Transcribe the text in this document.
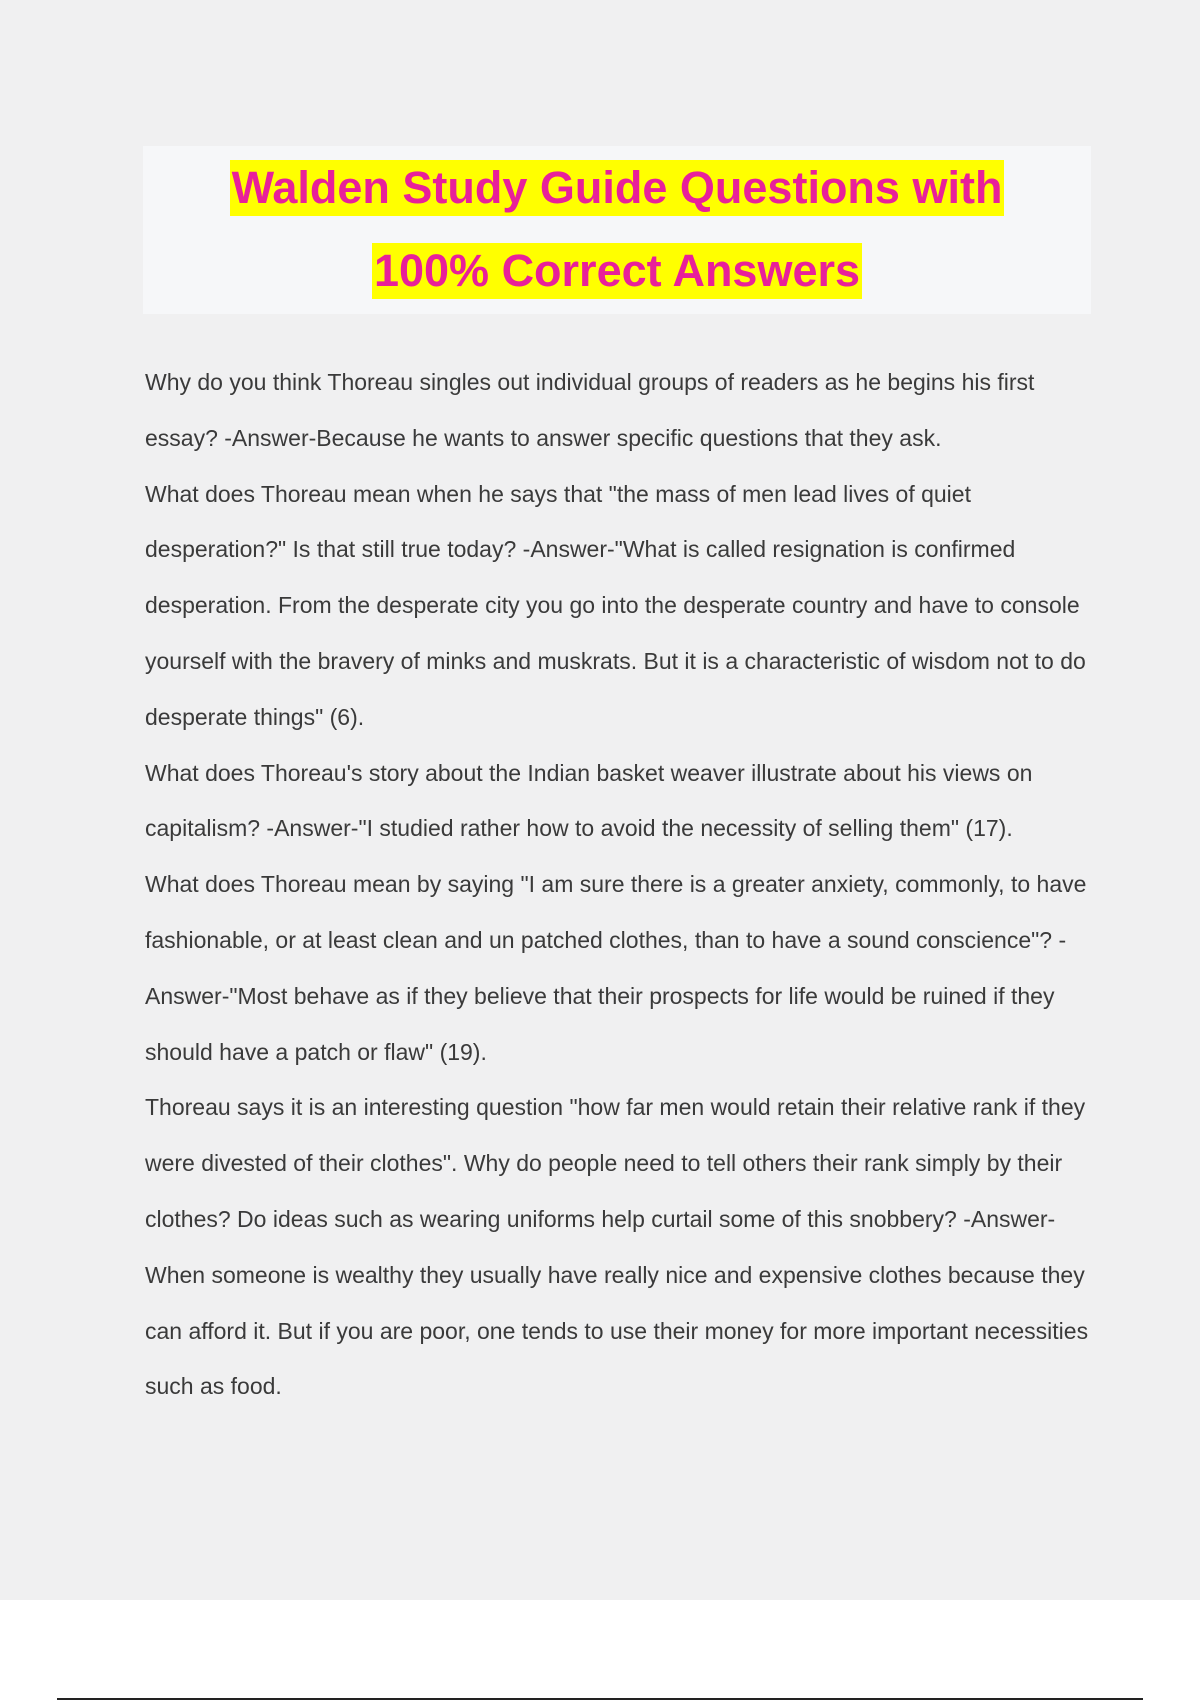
Walden Study Guide Questions with
100% Correct Answers

Why do you think Thoreau singles out individual groups of readers as he begins his first essay? -Answer-Because he wants to answer specific questions that they ask.

What does Thoreau mean when he says that "the mass of men lead lives of quiet desperation?" Is that still true today? -Answer-"What is called resignation is confirmed desperation. From the desperate city you go into the desperate country and have to console yourself with the bravery of minks and muskrats. But it is a characteristic of wisdom not to do desperate things" (6).

What does Thoreau's story about the Indian basket weaver illustrate about his views on capitalism? -Answer-"I studied rather how to avoid the necessity of selling them" (17).

What does Thoreau mean by saying "I am sure there is a greater anxiety, commonly, to have fashionable, or at least clean and un patched clothes, than to have a sound conscience"? -Answer-"Most behave as if they believe that their prospects for life would be ruined if they should have a patch or flaw" (19).

Thoreau says it is an interesting question "how far men would retain their relative rank if they were divested of their clothes". Why do people need to tell others their rank simply by their clothes? Do ideas such as wearing uniforms help curtail some of this snobbery? -Answer-When someone is wealthy they usually have really nice and expensive clothes because they can afford it. But if you are poor, one tends to use their money for more important necessities such as food.
